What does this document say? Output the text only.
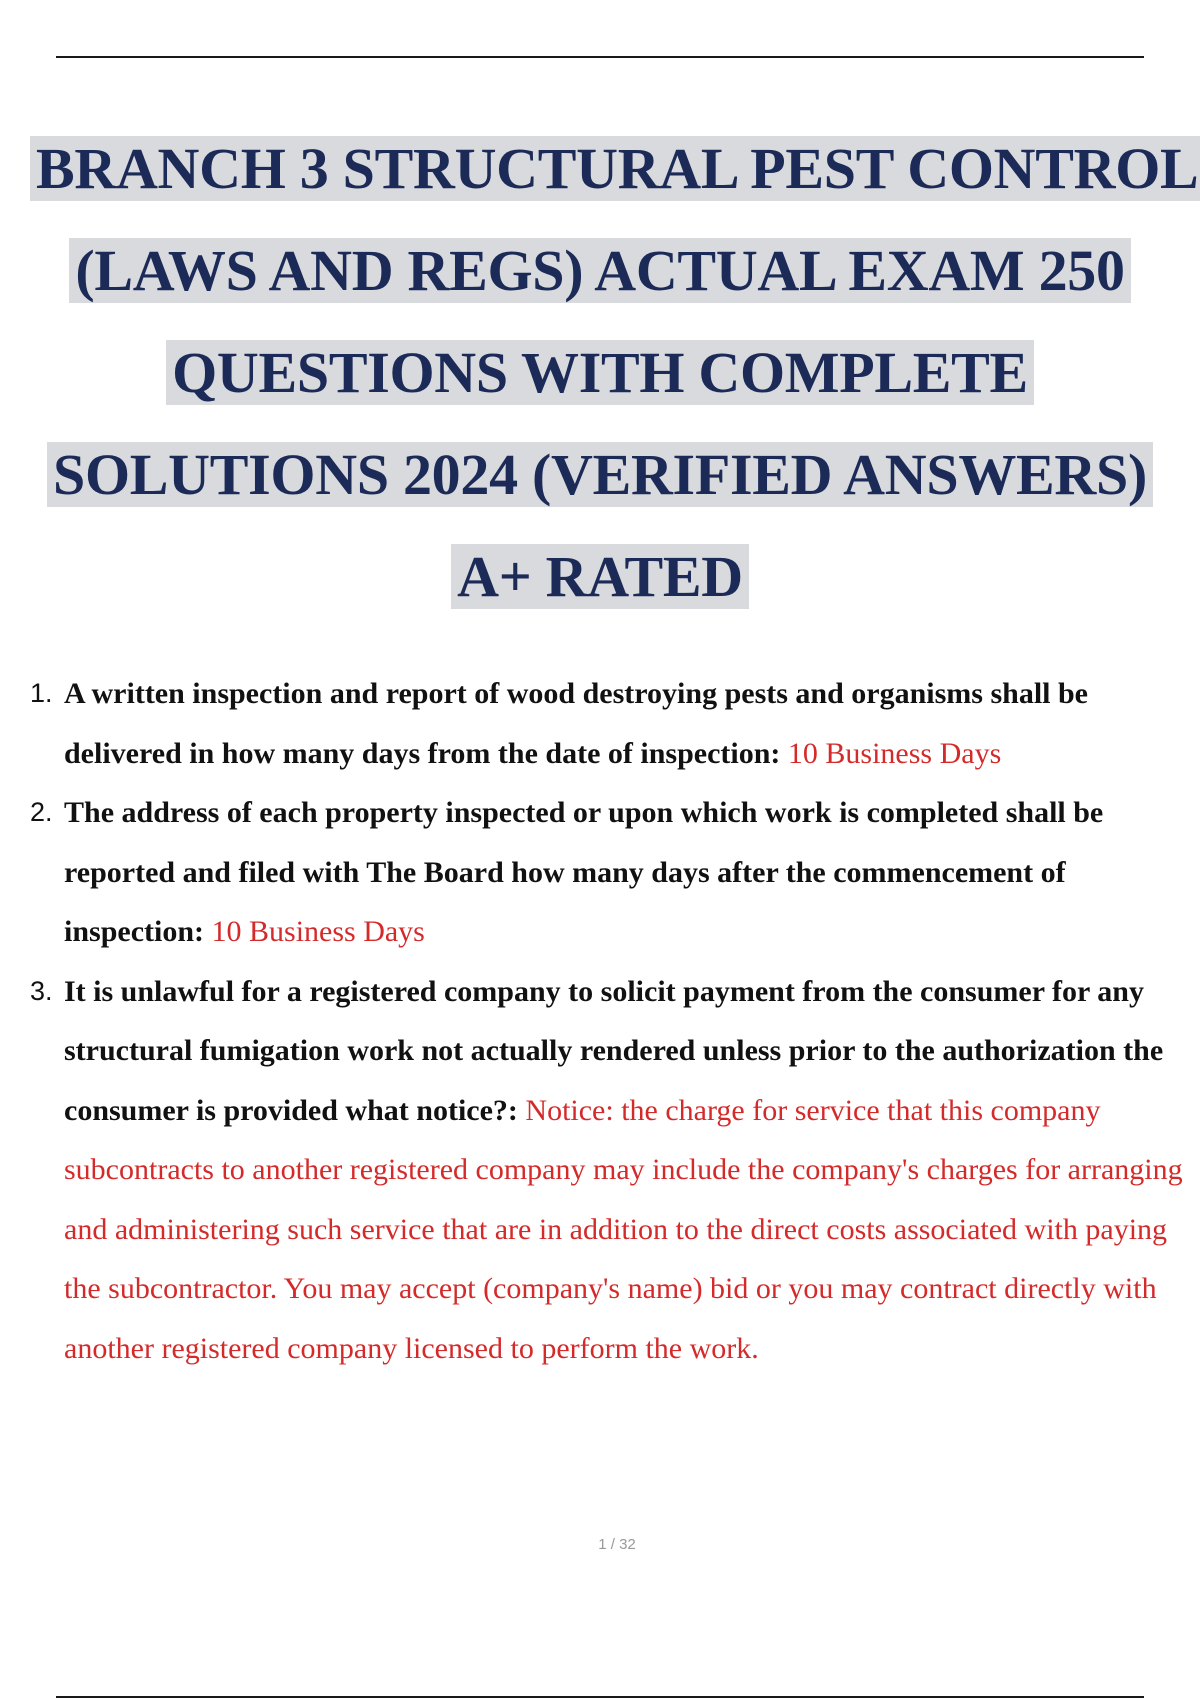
BRANCH 3 STRUCTURAL PEST CONTROL
(LAWS AND REGS) ACTUAL EXAM 250
QUESTIONS WITH COMPLETE
SOLUTIONS 2024 (VERIFIED ANSWERS)
A+ RATED
1. A written inspection and report of wood destroying pests and organisms shall be delivered in how many days from the date of inspection: 10 Business Days
2. The address of each property inspected or upon which work is completed shall be reported and filed with The Board how many days after the commencement of inspection: 10 Business Days
3. It is unlawful for a registered company to solicit payment from the consumer for any structural fumigation work not actually rendered unless prior to the authorization the consumer is provided what notice?: Notice: the charge for service that this company subcontracts to another registered company may include the company's charges for arranging and administering such service that are in addition to the direct costs associated with paying the subcontractor. You may accept (company's name) bid or you may contract directly with another registered company licensed to perform the work.
1 / 32
